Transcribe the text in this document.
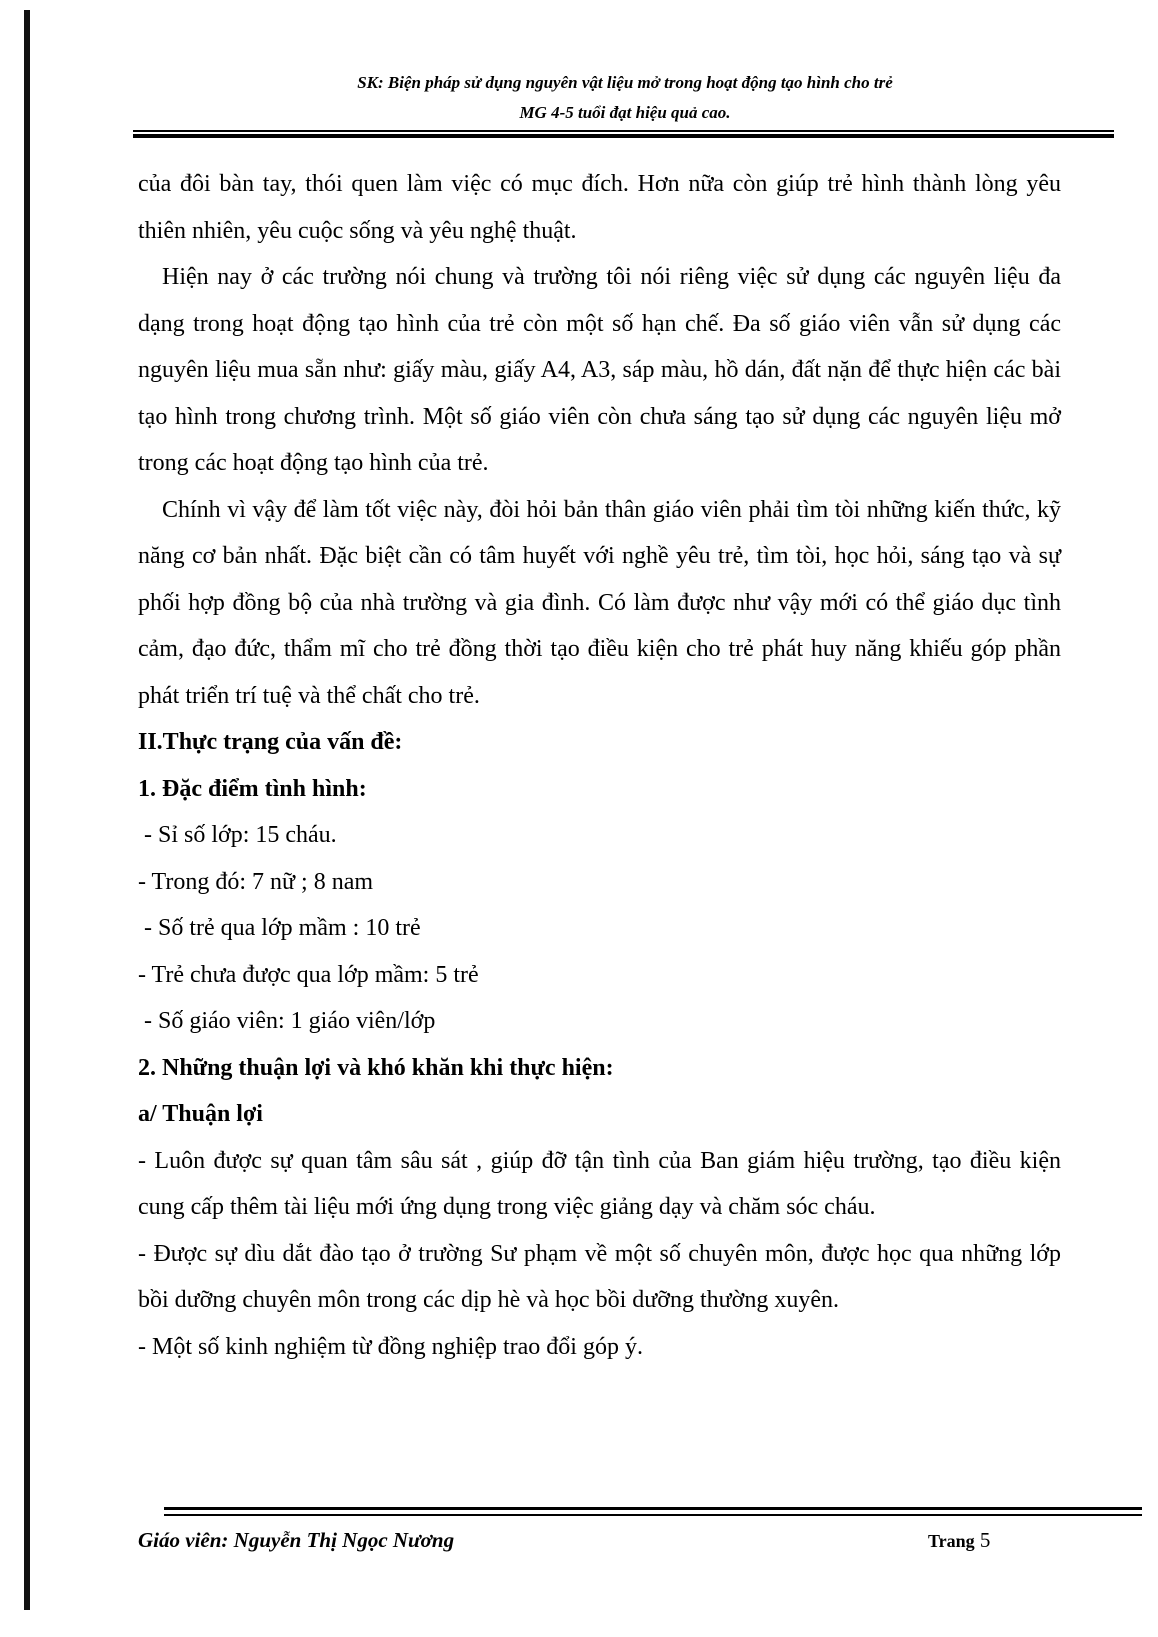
SK: Biện pháp sử dụng nguyên vật liệu mở trong hoạt động tạo hình cho trẻ
MG 4-5 tuổi đạt hiệu quả cao.

của đôi bàn tay, thói quen làm việc có mục đích. Hơn nữa còn giúp trẻ hình thành lòng yêu thiên nhiên, yêu cuộc sống và yêu nghệ thuật.

Hiện nay ở các trường nói chung và trường tôi nói riêng việc sử dụng các nguyên liệu đa dạng trong hoạt động tạo hình của trẻ còn một số hạn chế. Đa số giáo viên vẫn sử dụng các nguyên liệu mua sẵn như: giấy màu, giấy A4, A3, sáp màu, hồ dán, đất nặn để thực hiện các bài tạo hình trong chương trình. Một số giáo viên còn chưa sáng tạo sử dụng các nguyên liệu mở trong các hoạt động tạo hình của trẻ.

Chính vì vậy để làm tốt việc này, đòi hỏi bản thân giáo viên phải tìm tòi những kiến thức, kỹ năng cơ bản nhất. Đặc biệt cần có tâm huyết với nghề yêu trẻ, tìm tòi, học hỏi, sáng tạo và sự phối hợp đồng bộ của nhà trường và gia đình. Có làm được như vậy mới có thể giáo dục tình cảm, đạo đức, thẩm mĩ cho trẻ đồng thời tạo điều kiện cho trẻ phát huy năng khiếu góp phần phát triển trí tuệ và thể chất cho trẻ.

II.Thực trạng của vấn đề:

1. Đặc điểm tình hình:

- Sỉ số lớp: 15 cháu.

- Trong đó: 7 nữ ; 8 nam

- Số trẻ qua lớp mầm : 10 trẻ

- Trẻ chưa được qua lớp mầm: 5 trẻ

- Số giáo viên: 1 giáo viên/lớp

2. Những thuận lợi và khó khăn khi thực hiện:

a/ Thuận lợi

- Luôn được sự quan tâm sâu sát , giúp đỡ tận tình của Ban giám hiệu trường, tạo điều kiện cung cấp thêm tài liệu mới ứng dụng trong việc giảng dạy và chăm sóc cháu.

- Được sự dìu dắt đào tạo ở trường Sư phạm về một số chuyên môn, được học qua những lớp bồi dưỡng chuyên môn trong các dịp hè và học bồi dưỡng thường xuyên.

- Một số kinh nghiệm từ đồng nghiệp trao đổi góp ý.

Giáo viên: Nguyễn Thị Ngọc Nương	Trang 5
